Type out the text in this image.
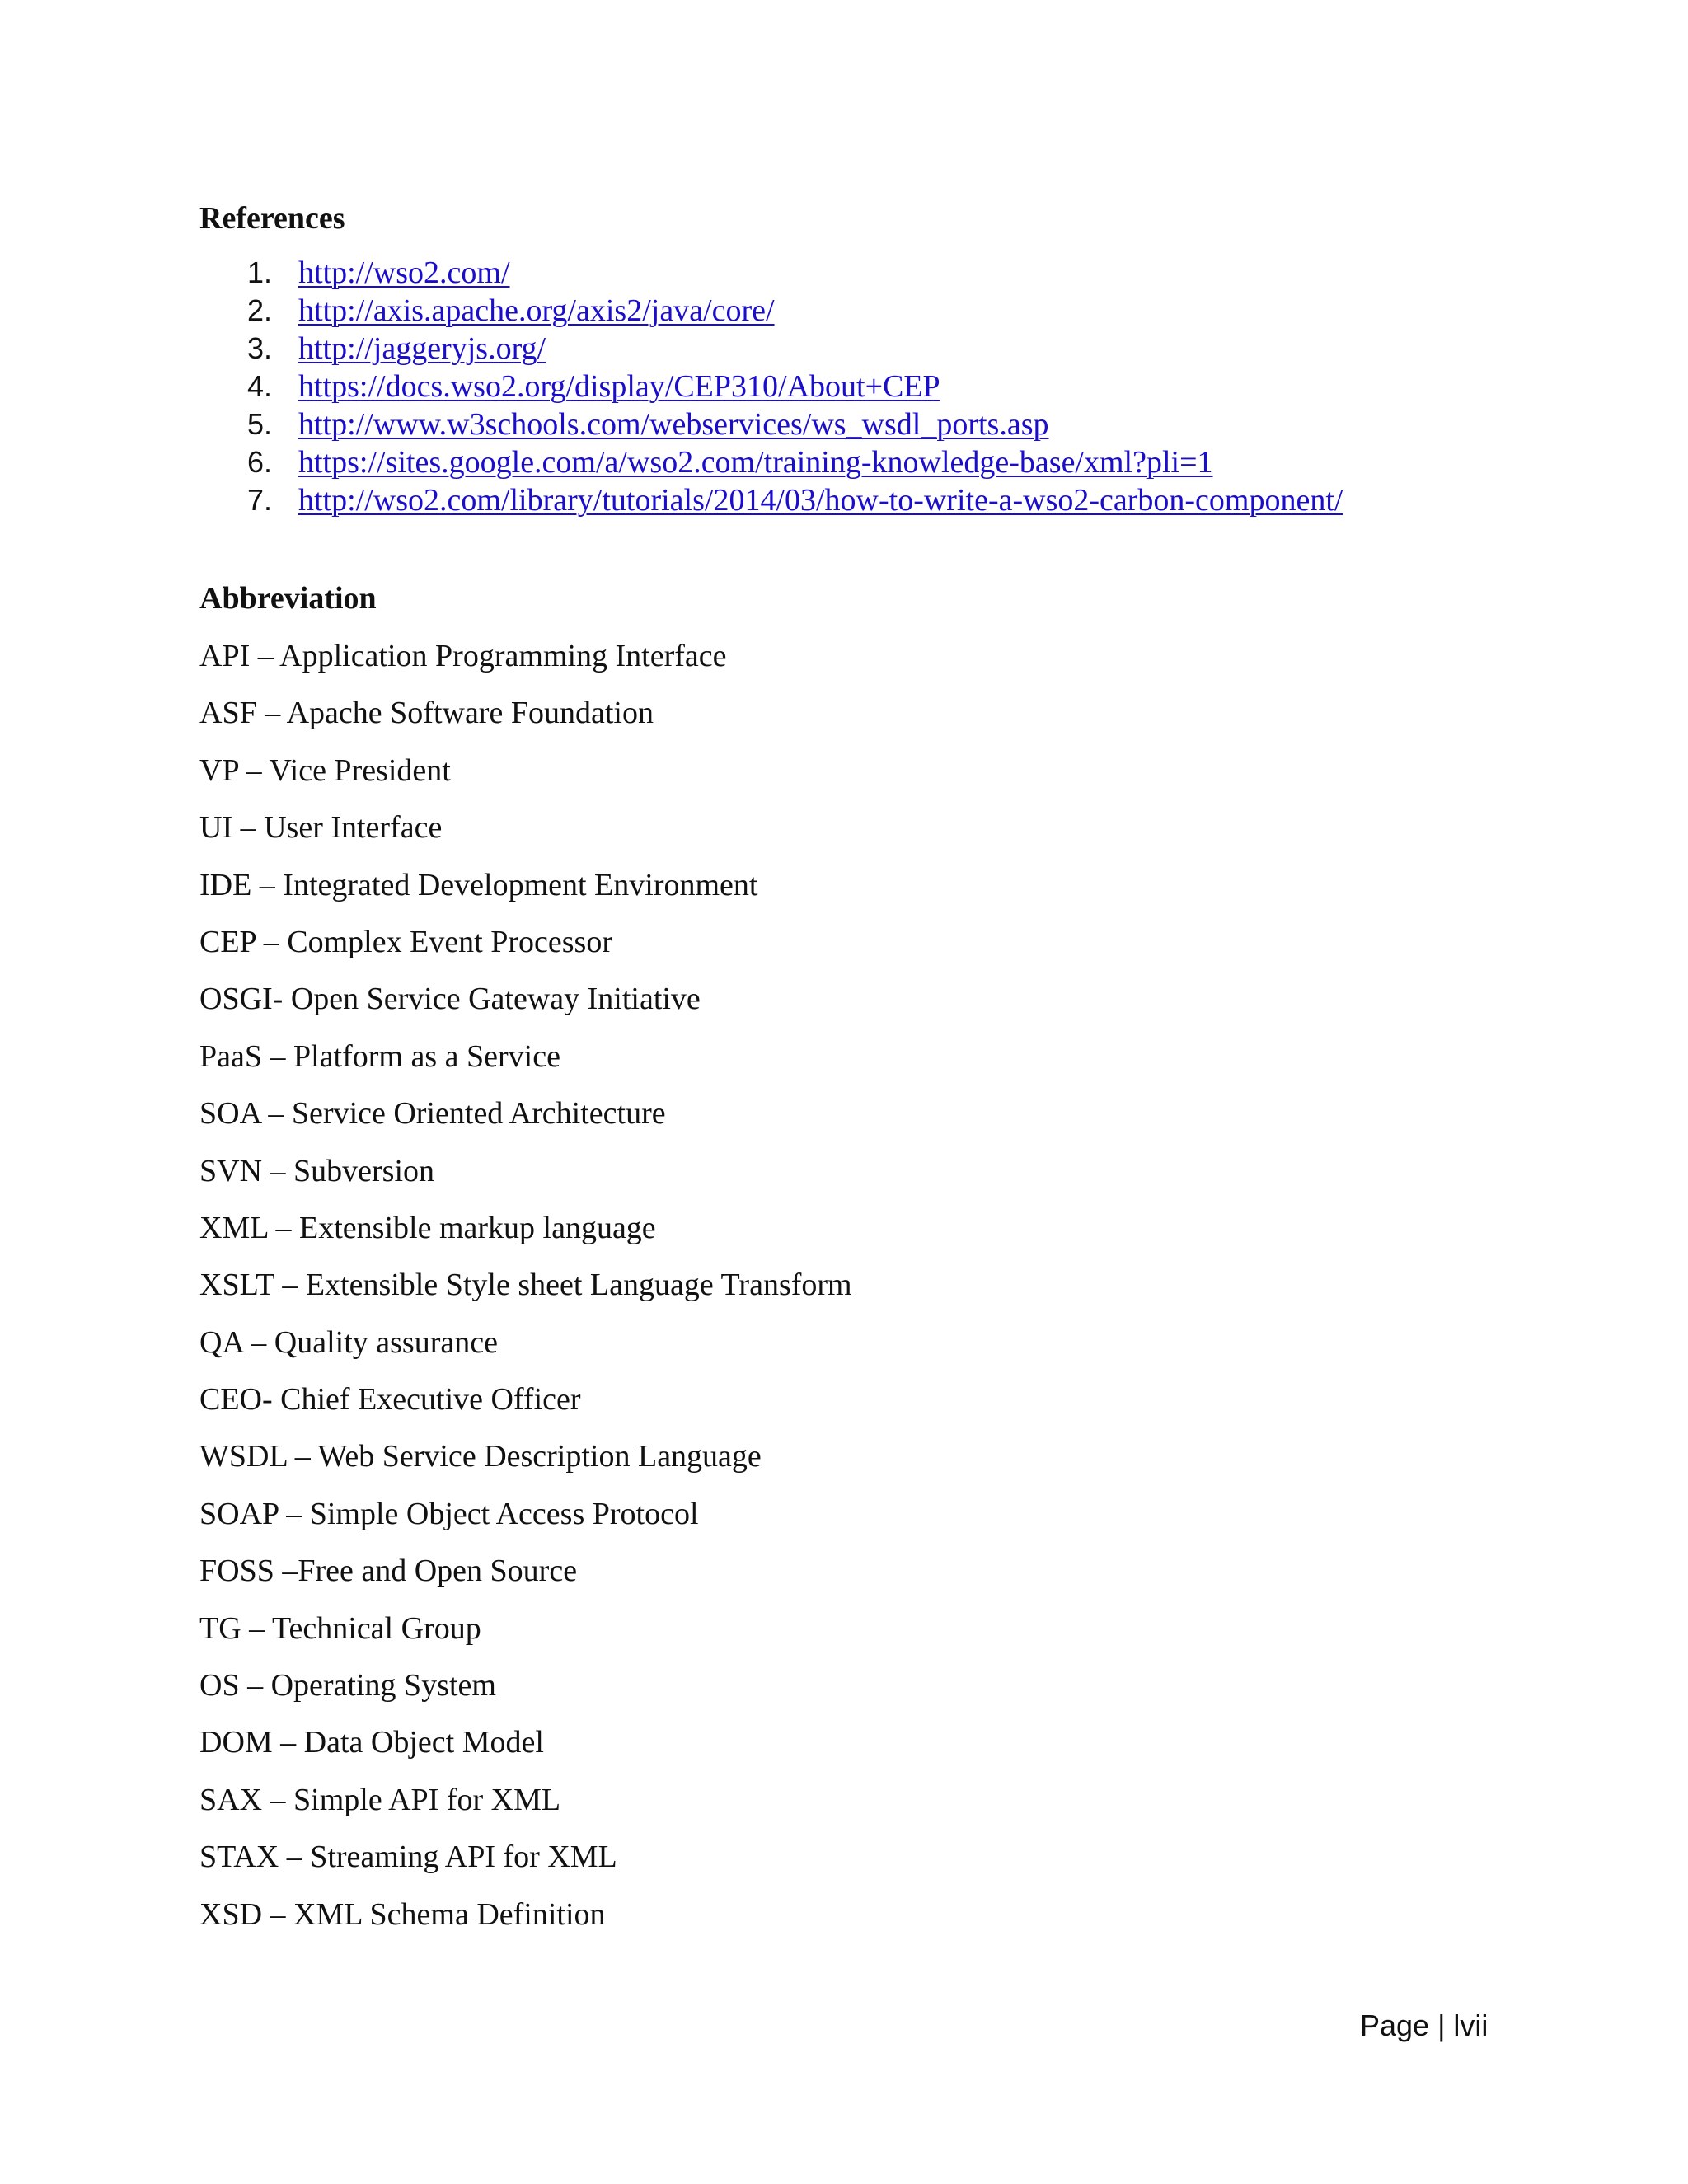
References
1. http://wso2.com/
2. http://axis.apache.org/axis2/java/core/
3. http://jaggeryjs.org/
4. https://docs.wso2.org/display/CEP310/About+CEP
5. http://www.w3schools.com/webservices/ws_wsdl_ports.asp
6. https://sites.google.com/a/wso2.com/training-knowledge-base/xml?pli=1
7. http://wso2.com/library/tutorials/2014/03/how-to-write-a-wso2-carbon-component/
Abbreviation
API – Application Programming Interface
ASF – Apache Software Foundation
VP – Vice President
UI – User Interface
IDE – Integrated Development Environment
CEP – Complex Event Processor
OSGI- Open Service Gateway Initiative
PaaS – Platform as a Service
SOA – Service Oriented Architecture
SVN – Subversion
XML – Extensible markup language
XSLT – Extensible Style sheet Language Transform
QA – Quality assurance
CEO- Chief Executive Officer
WSDL – Web Service Description Language
SOAP – Simple Object Access Protocol
FOSS –Free and Open Source
TG – Technical Group
OS – Operating System
DOM – Data Object Model
SAX – Simple API for XML
STAX – Streaming API for XML
XSD – XML Schema Definition
Page | lvii
